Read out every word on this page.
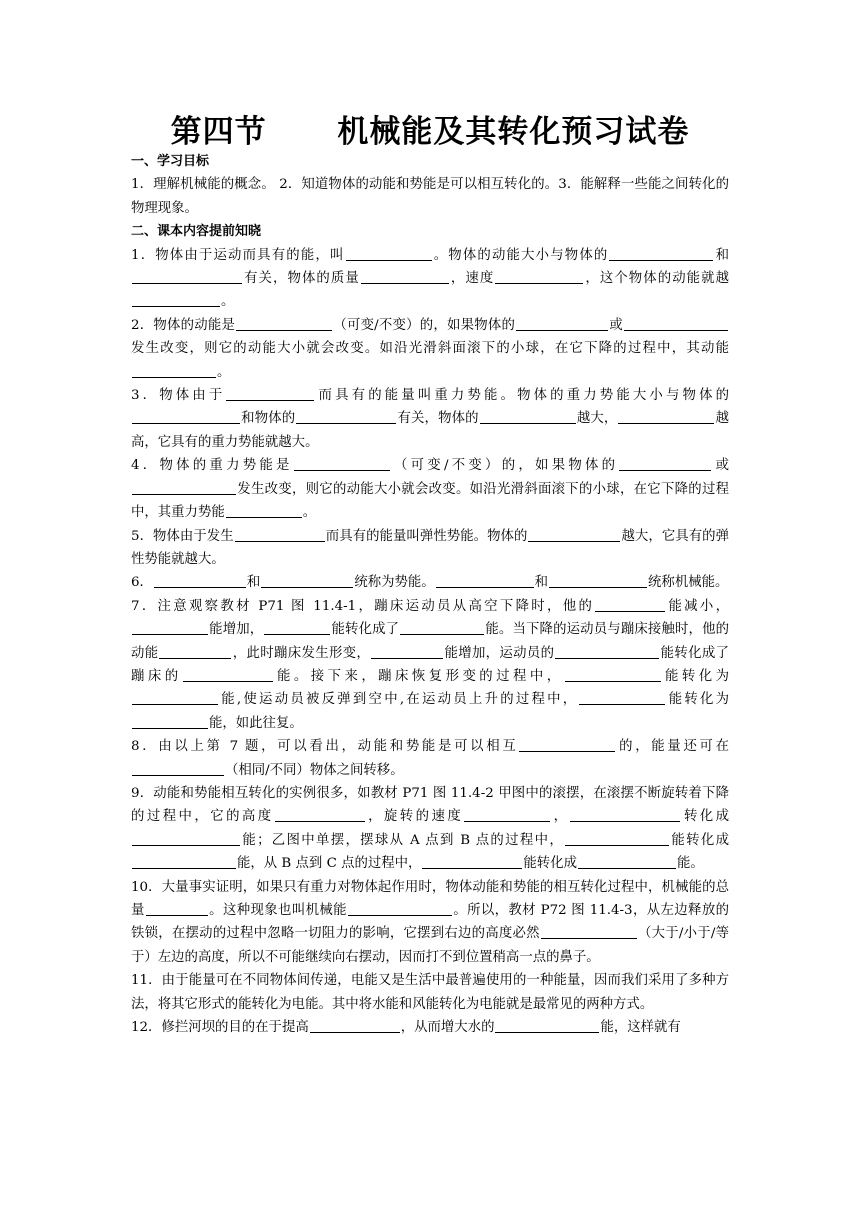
第四节      机械能及其转化预习试卷
一、学习目标

1．理解机械能的概念。 2．知道物体的动能和势能是可以相互转化的。3．能解释一些能之间转化的物理现象。

二、课本内容提前知晓

1．物体由于运动而具有的能，叫	。物体的动能大小与物体的	和有关，物体的质量	，速度	，这个物体的动能就越。

2．物体的动能是	（可变/不变）的，如果物体的	或发生改变，则它的动能大小就会改变。如沿光滑斜面滚下的小球，在它下降的过程中，其动能。

3．物体由于	而具有的能量叫重力势能。物体的重力势能大小与物体的和物体的	有关，物体的	越大，	越高，它具有的重力势能就越大。

4．物体的重力势能是	（可变/不变）的，如果物体的	或发生改变，则它的动能大小就会改变。如沿光滑斜面滚下的小球，在它下降的过程中，其重力势能	。

5．物体由于发生	而具有的能量叫弹性势能。物体的	越大，它具有的弹性势能就越大。

6．	和	统称为势能。	和	统称机械能。

7．注意观察教材 P71 图 11.4-1，蹦床运动员从高空下降时，他的	能减小，能增加，	能转化成了	能。当下降的运动员与蹦床接触时，他的动能	，此时蹦床发生形变，	能增加，运动员的	能转化成了蹦床的	能。接下来，蹦床恢复形变的过程中，	能转化为能,使运动员被反弹到空中,在运动员上升的过程中，	能转化为能，如此往复。

8．由以上第 7 题，可以看出，动能和势能是可以相互	的，能量还可在（相同/不同）物体之间转移。

9．动能和势能相互转化的实例很多，如教材 P71 图 11.4-2 甲图中的滚摆，在滚摆不断旋转着下降的过程中，它的高度	，旋转的速度	，	转化成能；乙图中单摆，摆球从 A 点到 B 点的过程中，	能转化成能，从 B 点到 C 点的过程中，	能转化成	能。

10．大量事实证明，如果只有重力对物体起作用时，物体动能和势能的相互转化过程中，机械能的总量	。这种现象也叫机械能	。所以，教材 P72 图 11.4-3，从左边释放的铁锁，在摆动的过程中忽略一切阻力的影响，它摆到右边的高度必然	（大于/小于/等于）左边的高度，所以不可能继续向右摆动，因而打不到位置稍高一点的鼻子。

11．由于能量可在不同物体间传递，电能又是生活中最普遍使用的一种能量，因而我们采用了多种方法，将其它形式的能转化为电能。其中将水能和风能转化为电能就是最常见的两种方式。

12．修拦河坝的目的在于提高	，从而增大水的	能，这样就有
